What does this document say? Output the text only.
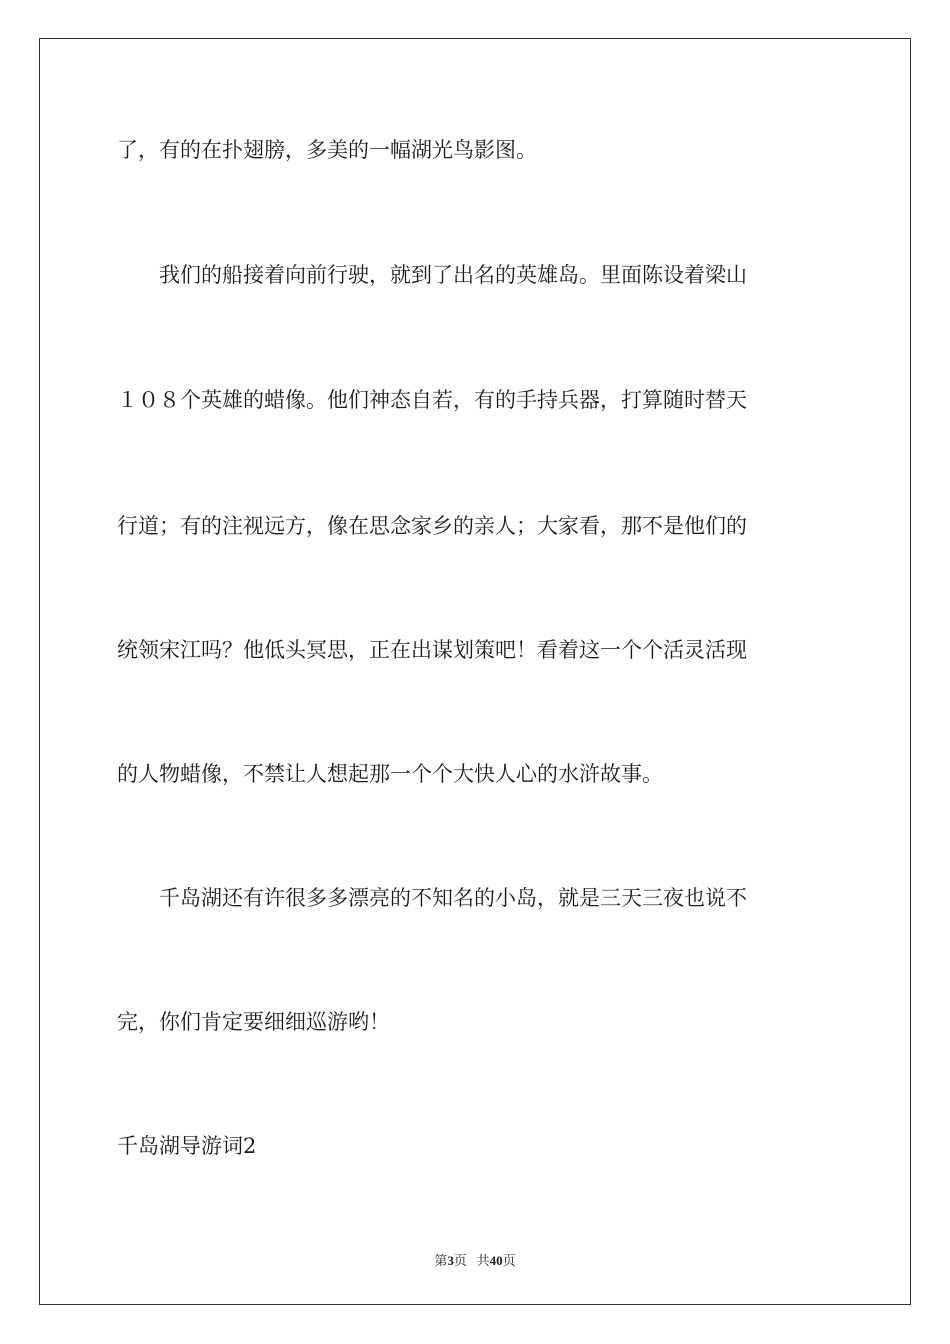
了，有的在扑翅膀，多美的一幅湖光鸟影图。
　　我们的船接着向前行驶，就到了出名的英雄岛。里面陈设着梁山
１０８个英雄的蜡像。他们神态自若，有的手持兵器，打算随时替天
行道；有的注视远方，像在思念家乡的亲人；大家看，那不是他们的
统领宋江吗？他低头冥思，正在出谋划策吧！看着这一个个活灵活现
的人物蜡像，不禁让人想起那一个个大快人心的水浒故事。
　　千岛湖还有许很多多漂亮的不知名的小岛，就是三天三夜也说不
完，你们肯定要细细巡游哟！
千岛湖导游词2
第3页 共40页
